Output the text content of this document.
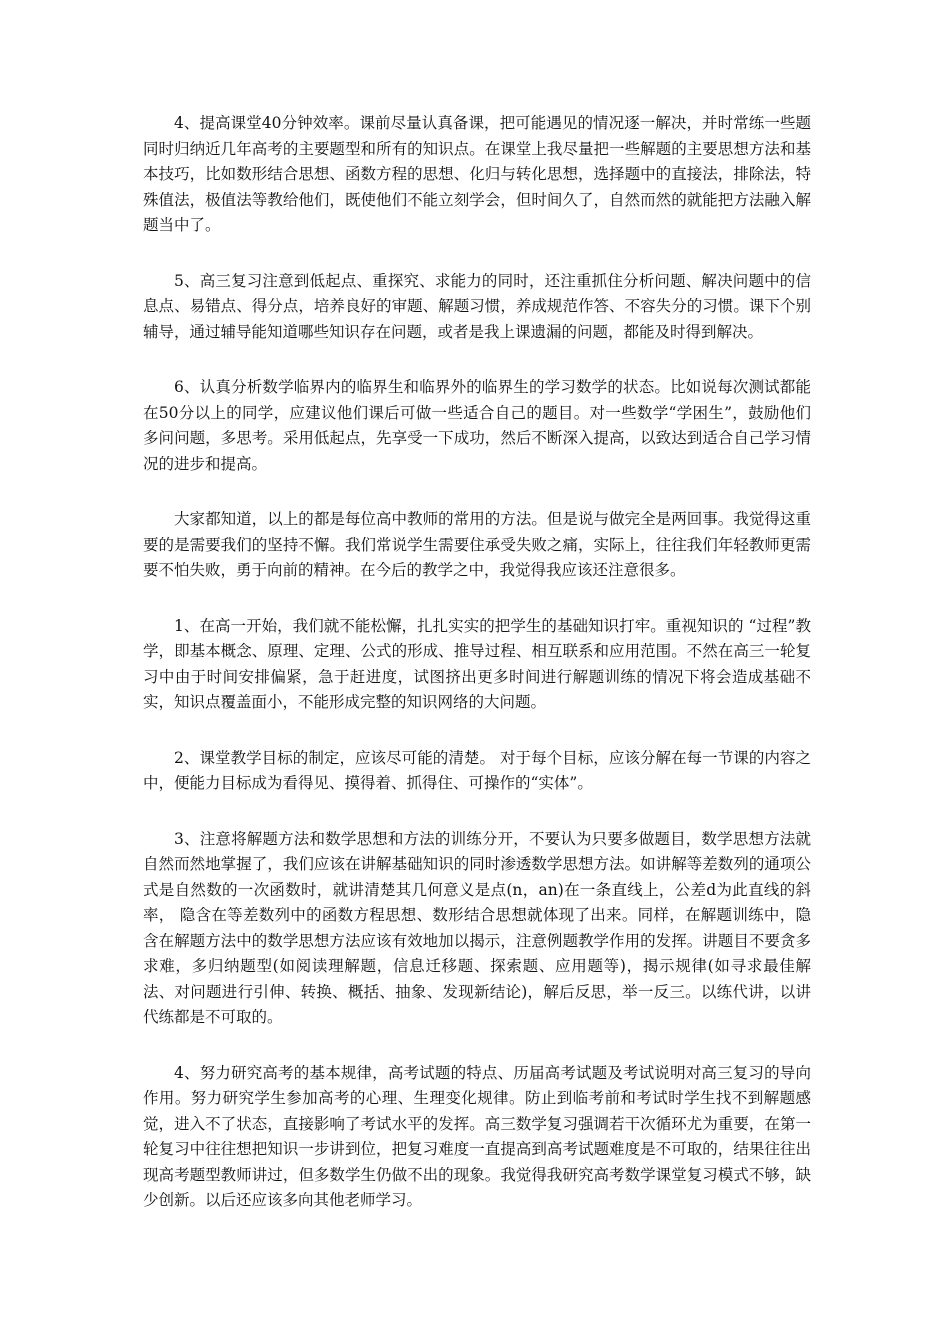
4、提高课堂40分钟效率。课前尽量认真备课，把可能遇见的情况逐一解决，并时常练一些题同时归纳近几年高考的主要题型和所有的知识点。在课堂上我尽量把一些解题的主要思想方法和基本技巧，比如数形结合思想、函数方程的思想、化归与转化思想，选择题中的直接法，排除法，特殊值法，极值法等教给他们，既使他们不能立刻学会，但时间久了，自然而然的就能把方法融入解题当中了。

5、高三复习注意到低起点、重探究、求能力的同时，还注重抓住分析问题、解决问题中的信息点、易错点、得分点，培养良好的审题、解题习惯，养成规范作答、不容失分的习惯。课下个别辅导，通过辅导能知道哪些知识存在问题，或者是我上课遗漏的问题，都能及时得到解决。

6、认真分析数学临界内的临界生和临界外的临界生的学习数学的状态。比如说每次测试都能在50分以上的同学，应建议他们课后可做一些适合自己的题目。对一些数学“学困生”，鼓励他们多问问题，多思考。采用低起点，先享受一下成功，然后不断深入提高，以致达到适合自己学习情况的进步和提高。

大家都知道，以上的都是每位高中教师的常用的方法。但是说与做完全是两回事。我觉得这重要的是需要我们的坚持不懈。我们常说学生需要住承受失败之痛，实际上，往往我们年轻教师更需要不怕失败，勇于向前的精神。在今后的教学之中，我觉得我应该还注意很多。

1、在高一开始，我们就不能松懈，扎扎实实的把学生的基础知识打牢。重视知识的 “过程”教学，即基本概念、原理、定理、公式的形成、推导过程、相互联系和应用范围。不然在高三一轮复习中由于时间安排偏紧，急于赶进度，试图挤出更多时间进行解题训练的情况下将会造成基础不实，知识点覆盖面小，不能形成完整的知识网络的大问题。

2、课堂教学目标的制定，应该尽可能的清楚。 对于每个目标，应该分解在每一节课的内容之中，便能力目标成为看得见、摸得着、抓得住、可操作的“实体”。

3、注意将解题方法和数学思想和方法的训练分开，不要认为只要多做题目，数学思想方法就自然而然地掌握了，我们应该在讲解基础知识的同时渗透数学思想方法。如讲解等差数列的通项公式是自然数的一次函数时，就讲清楚其几何意义是点(n，an)在一条直线上，公差d为此直线的斜率， 隐含在等差数列中的函数方程思想、数形结合思想就体现了出来。同样，在解题训练中，隐含在解题方法中的数学思想方法应该有效地加以揭示，注意例题教学作用的发挥。讲题目不要贪多求难，多归纳题型(如阅读理解题，信息迁移题、探索题、应用题等)，揭示规律(如寻求最佳解法、对问题进行引伸、转换、概括、抽象、发现新结论)，解后反思，举一反三。以练代讲，以讲代练都是不可取的。

4、努力研究高考的基本规律，高考试题的特点、历届高考试题及考试说明对高三复习的导向作用。努力研究学生参加高考的心理、生理变化规律。防止到临考前和考试时学生找不到解题感觉，进入不了状态，直接影响了考试水平的发挥。高三数学复习强调若干次循环尤为重要，在第一轮复习中往往想把知识一步讲到位，把复习难度一直提高到高考试题难度是不可取的，结果往往出现高考题型教师讲过，但多数学生仍做不出的现象。我觉得我研究高考数学课堂复习模式不够，缺少创新。以后还应该多向其他老师学习。
